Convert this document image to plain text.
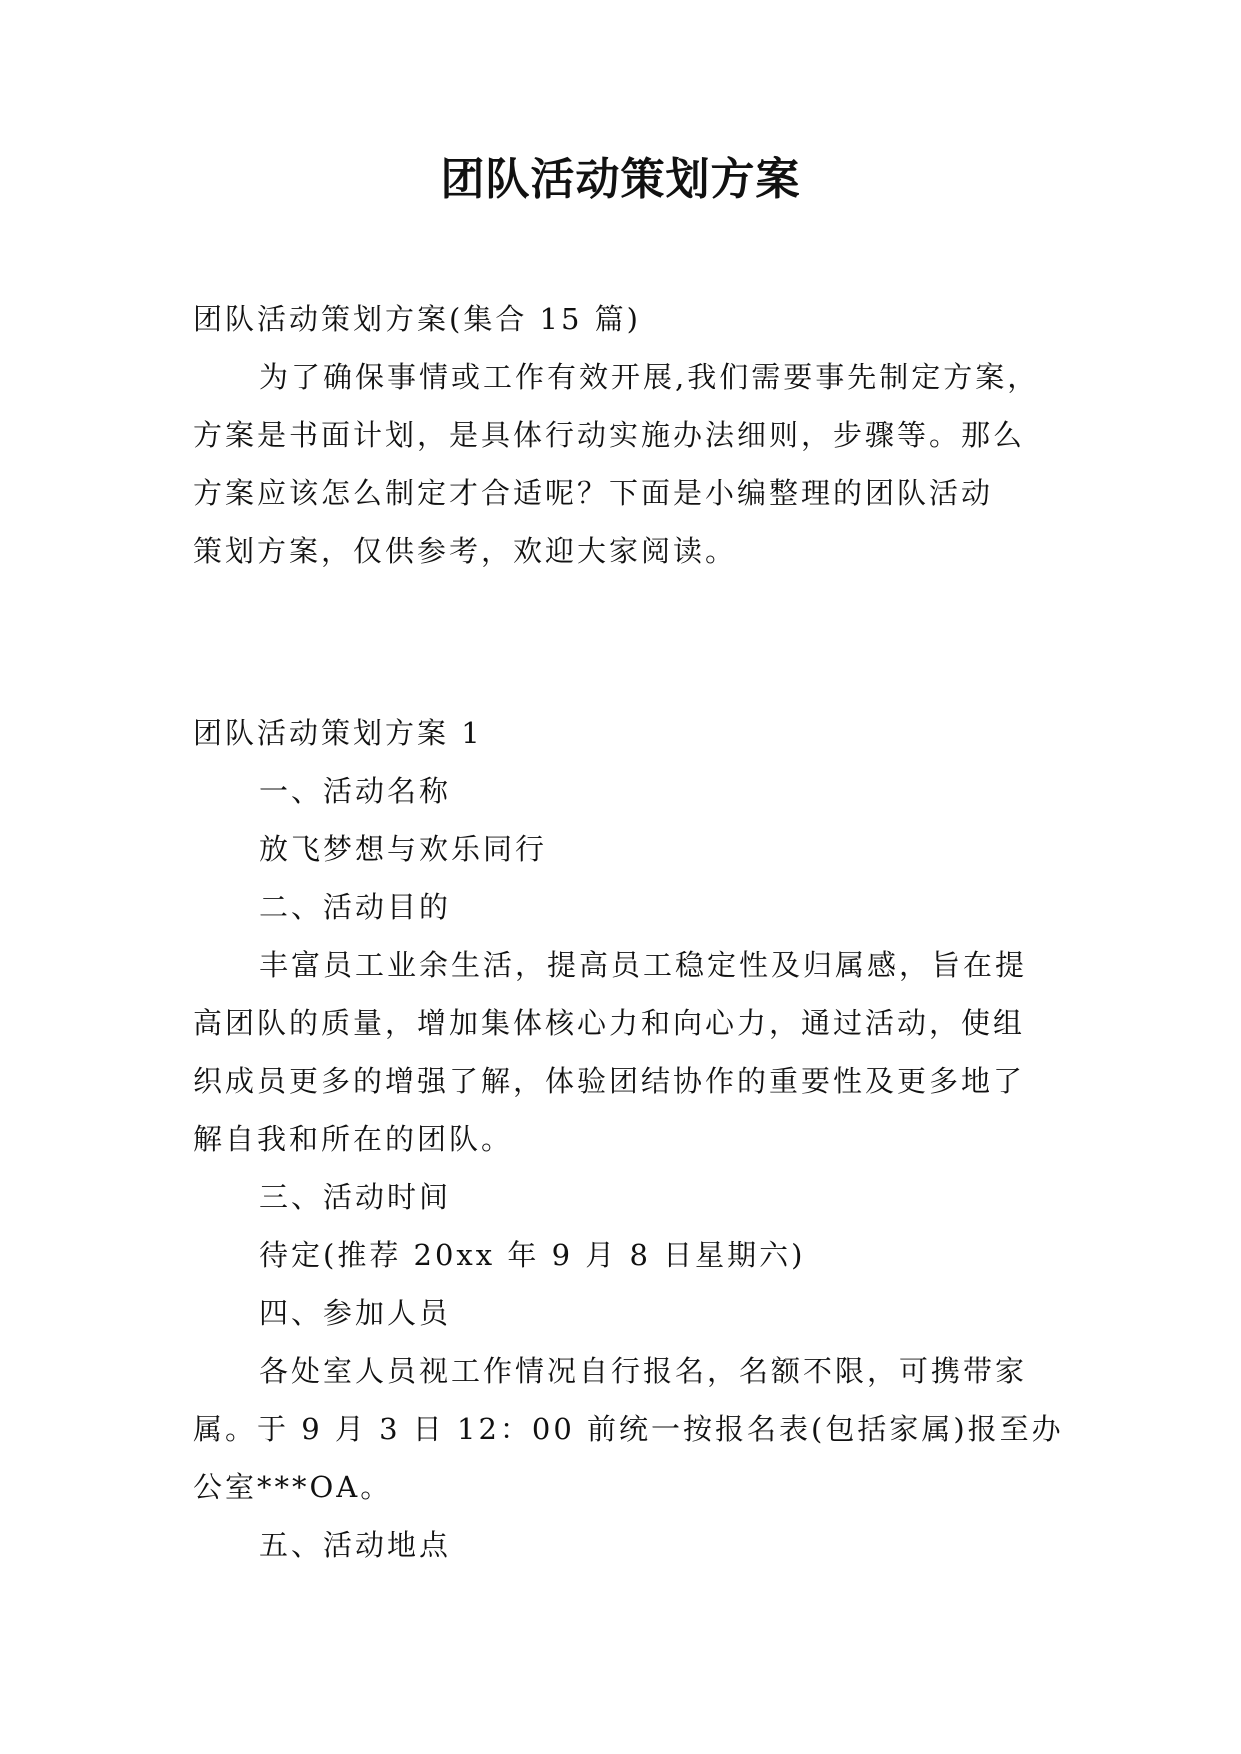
团队活动策划方案
团队活动策划方案(集合 15 篇)
为了确保事情或工作有效开展,我们需要事先制定方案，
方案是书面计划，是具体行动实施办法细则，步骤等。那么
方案应该怎么制定才合适呢？下面是小编整理的团队活动
策划方案，仅供参考，欢迎大家阅读。
团队活动策划方案 1
一、活动名称
放飞梦想与欢乐同行
二、活动目的
丰富员工业余生活，提高员工稳定性及归属感，旨在提
高团队的质量，增加集体核心力和向心力，通过活动，使组
织成员更多的增强了解，体验团结协作的重要性及更多地了
解自我和所在的团队。
三、活动时间
待定(推荐 20xx 年 9 月 8 日星期六)
四、参加人员
各处室人员视工作情况自行报名，名额不限，可携带家
属。于 9 月 3 日 12：00 前统一按报名表(包括家属)报至办
公室***OA。
五、活动地点
